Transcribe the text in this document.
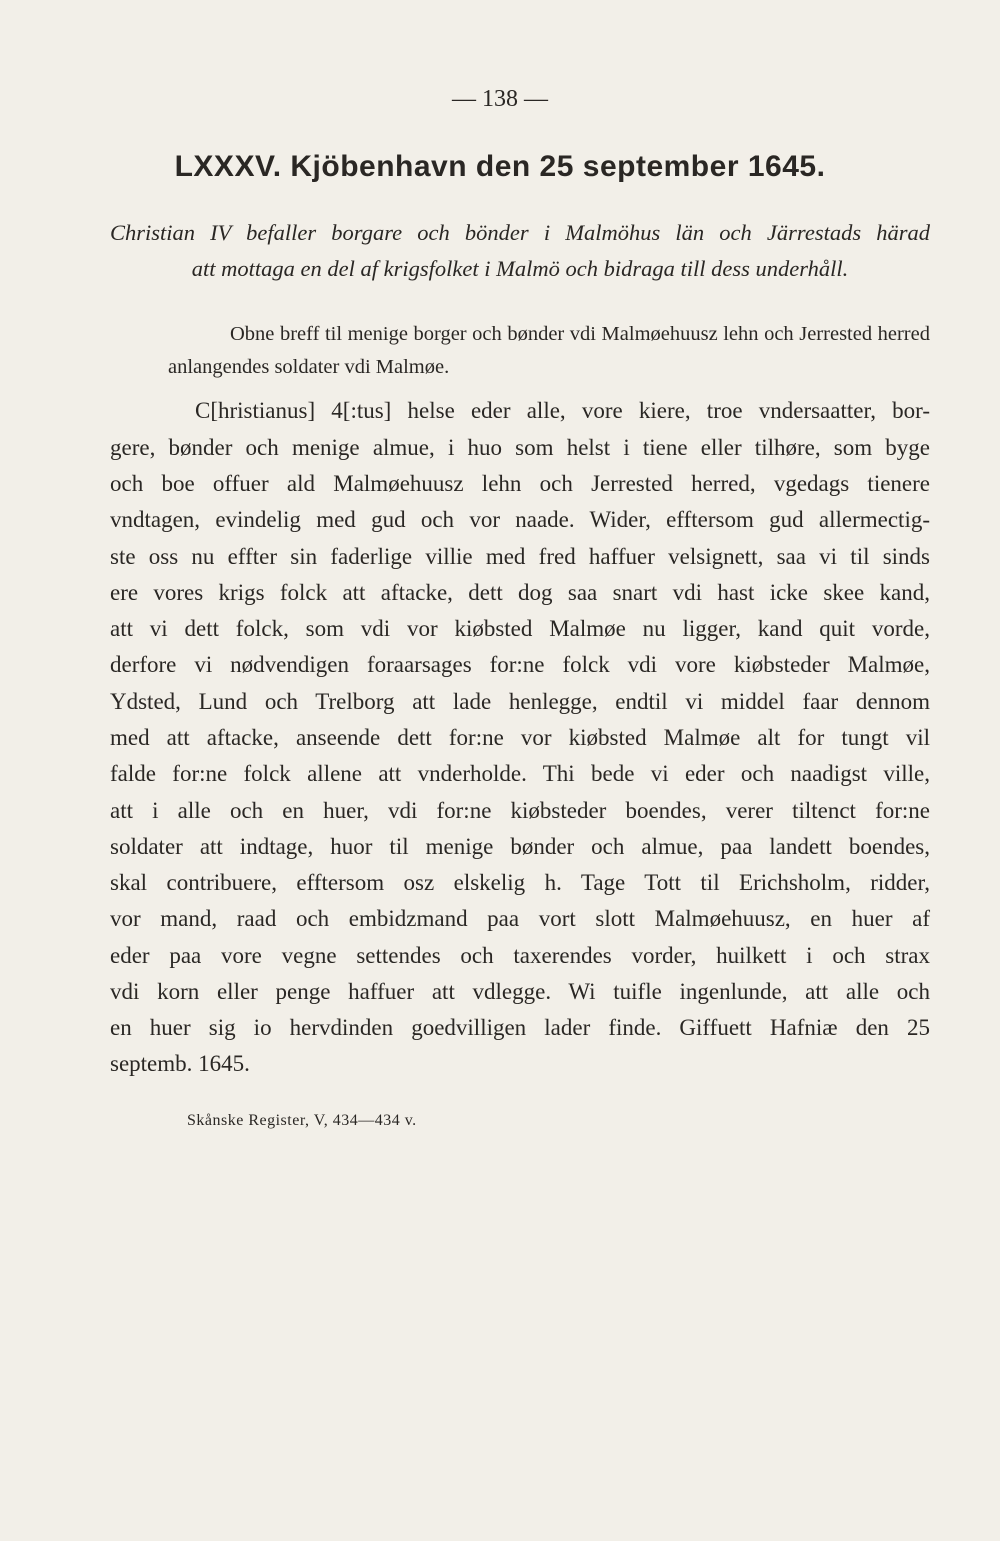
— 138 —
LXXXV. Kjöbenhavn den 25 september 1645.
Christian IV befaller borgare och bönder i Malmöhus län och Järrestads härad
att mottaga en del af krigsfolket i Malmö och bidraga till dess underhåll.
Obne breff til menige borger och bønder vdi Malmøehuusz lehn och Jerrested herred anlangendes soldater vdi Malmøe.
C[hristianus] 4[:tus] helse eder alle, vore kiere, troe vndersaatter, bor-
gere, bønder och menige almue, i huo som helst i tiene eller tilhøre, som byge
och boe offuer ald Malmøehuusz lehn och Jerrested herred, vgedags tienere
vndtagen, evindelig med gud och vor naade. Wider, efftersom gud allermectig-
ste oss nu effter sin faderlige villie med fred haffuer velsignett, saa vi til sinds
ere vores krigs folck att aftacke, dett dog saa snart vdi hast icke skee kand,
att vi dett folck, som vdi vor kiøbsted Malmøe nu ligger, kand quit vorde,
derfore vi nødvendigen foraarsages for:ne folck vdi vore kiøbsteder Malmøe,
Ydsted, Lund och Trelborg att lade henlegge, endtil vi middel faar dennom
med att aftacke, anseende dett for:ne vor kiøbsted Malmøe alt for tungt vil
falde for:ne folck allene att vnderholde. Thi bede vi eder och naadigst ville,
att i alle och en huer, vdi for:ne kiøbsteder boendes, verer tiltenct for:ne
soldater att indtage, huor til menige bønder och almue, paa landett boendes,
skal contribuere, efftersom osz elskelig h. Tage Tott til Erichsholm, ridder,
vor mand, raad och embidzmand paa vort slott Malmøehuusz, en huer af
eder paa vore vegne settendes och taxerendes vorder, huilkett i och strax
vdi korn eller penge haffuer att vdlegge. Wi tuifle ingenlunde, att alle och
en huer sig io hervdinden goedvilligen lader finde. Giffuett Hafniæ den 25
septemb. 1645.
Skånske Register, V, 434—434 v.
